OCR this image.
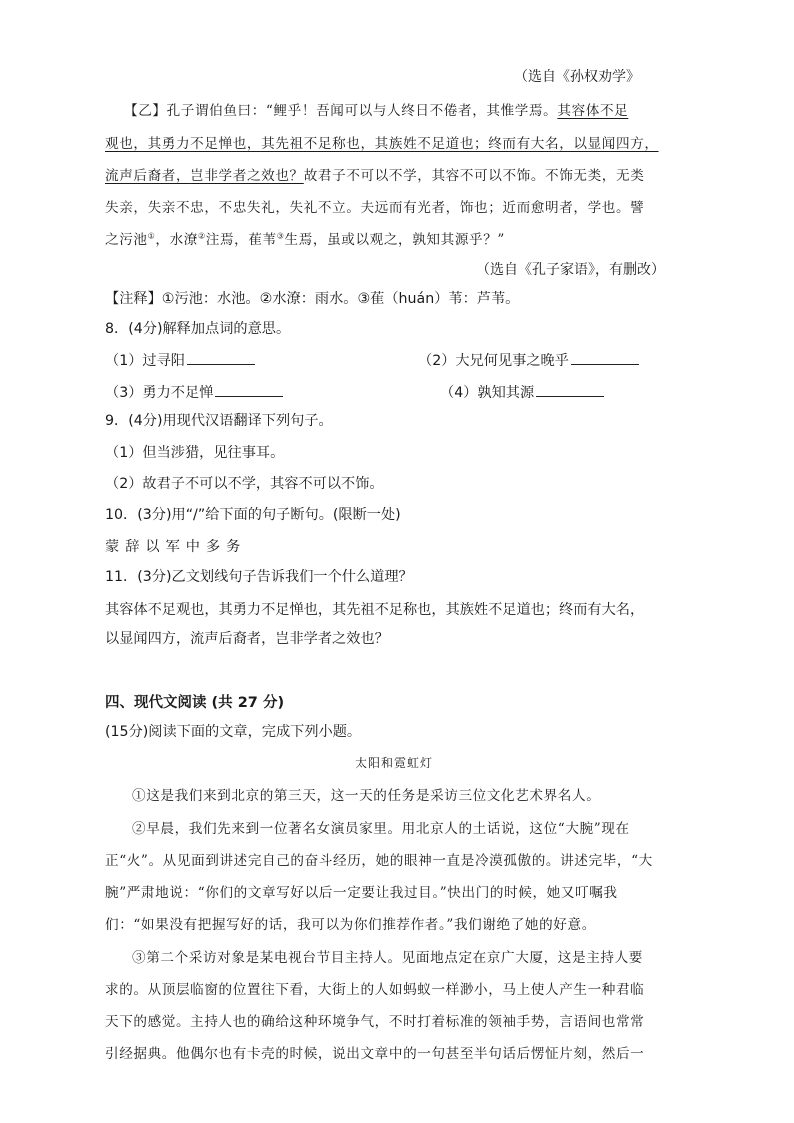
（选自《孙权劝学》
【乙】孔子谓伯鱼曰：“鲤乎！吾闻可以与人终日不倦者，其惟学焉。其容体不足
观也，其勇力不足惮也，其先祖不足称也，其族姓不足道也；终而有大名，以显闻四方，
流声后裔者，岂非学者之效也？故君子不可以不学，其容不可以不饰。不饰无类，无类
失亲，失亲不忠，不忠失礼，失礼不立。夫远而有光者，饰也；近而愈明者，学也。譬
之污池①，水潦②注焉，萑苇③生焉，虽或以观之，孰知其源乎？”
（选自《孔子家语》，有删改）
【注释】①污池：水池。②水潦：雨水。③萑（huán）苇：芦苇。
8．(4分)解释加点词的意思。
（1）过寻阳	（2）大兄何见事之晚乎
（3）勇力不足惮	（4）孰知其源
9．(4分)用现代汉语翻译下列句子。
（1）但当涉猎，见往事耳。
（2）故君子不可以不学，其容不可以不饰。
10．(3分)用“/”给下面的句子断句。(限断一处)
蒙辞以军中多务
11．(3分)乙文划线句子告诉我们一个什么道理？
其容体不足观也，其勇力不足惮也，其先祖不足称也，其族姓不足道也；终而有大名，
以显闻四方，流声后裔者，岂非学者之效也？
四、现代文阅读 (共 27 分)
(15分)阅读下面的文章，完成下列小题。
太阳和霓虹灯
①这是我们来到北京的第三天，这一天的任务是采访三位文化艺术界名人。
②早晨，我们先来到一位著名女演员家里。用北京人的土话说，这位“大腕”现在
正“火”。从见面到讲述完自己的奋斗经历，她的眼神一直是冷漠孤傲的。讲述完毕，“大
腕”严肃地说：“你们的文章写好以后一定要让我过目。”快出门的时候，她又叮嘱我
们：“如果没有把握写好的话，我可以为你们推荐作者。”我们谢绝了她的好意。
③第二个采访对象是某电视台节目主持人。见面地点定在京广大厦，这是主持人要
求的。从顶层临窗的位置往下看，大街上的人如蚂蚁一样渺小，马上使人产生一种君临
天下的感觉。主持人也的确给这种环境争气，不时打着标准的领袖手势，言语间也常常
引经据典。他偶尔也有卡壳的时候，说出文章中的一句甚至半句话后愣怔片刻，然后一
